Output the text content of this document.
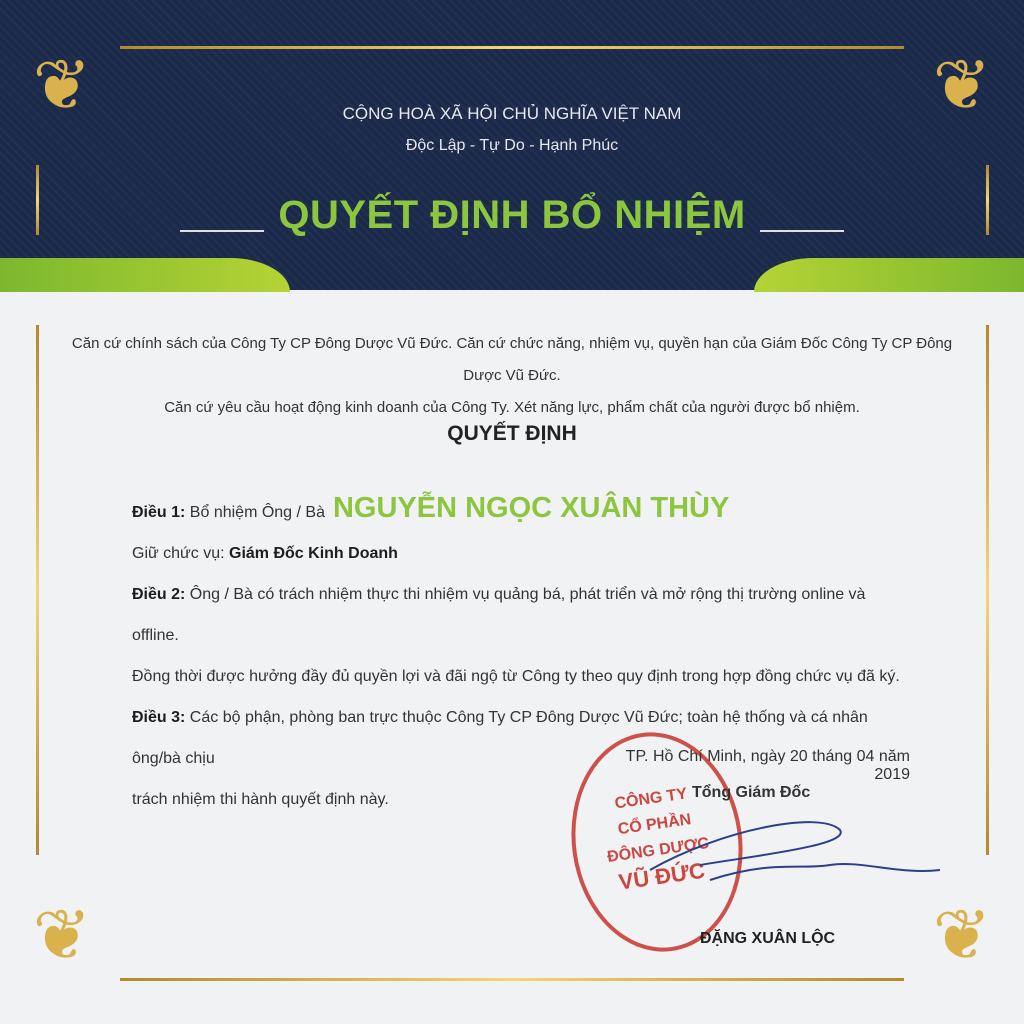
❦	❦
❦	❦
CỘNG HOÀ XÃ HỘI CHỦ NGHĨA VIỆT NAM
Độc Lập - Tự Do - Hạnh Phúc
QUYẾT ĐỊNH BỔ NHIỆM
Căn cứ chính sách của Công Ty CP Đông Dược Vũ Đức. Căn cứ chức năng, nhiệm vụ, quyền hạn của Giám Đốc Công Ty CP Đông Dược Vũ Đức.
Căn cứ yêu cầu hoạt động kinh doanh của Công Ty. Xét năng lực, phẩm chất của người được bổ nhiệm.
QUYẾT ĐỊNH
Điều 1: Bổ nhiệm Ông / Bà NGUYỄN NGỌC XUÂN THÙY
Giữ chức vụ: Giám Đốc Kinh Doanh
Điều 2: Ông / Bà có trách nhiệm thực thi nhiệm vụ quảng bá, phát triển và mở rộng thị trường online và offline.
Đồng thời được hưởng đầy đủ quyền lợi và đãi ngộ từ Công ty theo quy định trong hợp đồng chức vụ đã ký.
Điều 3: Các bộ phận, phòng ban trực thuộc Công Ty CP Đông Dược Vũ Đức; toàn hệ thống và cá nhân ông/bà chịu
trách nhiệm thi hành quyết định này.	CÔNG TY
CỔ PHẦN
ĐÔNG DƯỢC
VŨ ĐỨC
TP. Hồ Chí Minh, ngày 20 tháng 04 năm 2019
Tổng Giám Đốc
ĐẶNG XUÂN LỘC
